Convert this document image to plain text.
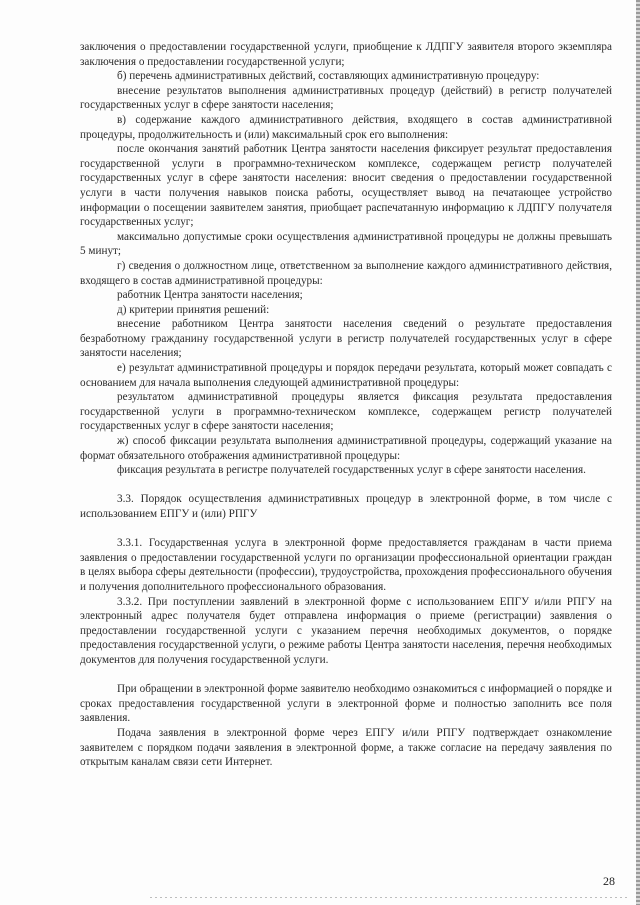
заключения о предоставлении государственной услуги, приобщение к ЛДПГУ заявителя второго экземпляра заключения о предоставлении государственной услуги;

б) перечень административных действий, составляющих административную процедуру:

внесение результатов выполнения административных процедур (действий) в регистр получателей государственных услуг в сфере занятости населения;

в) содержание каждого административного действия, входящего в состав административной процедуры, продолжительность и (или) максимальный срок его выполнения:

после окончания занятий работник Центра занятости населения фиксирует результат предоставления государственной услуги в программно-техническом комплексе, содержащем регистр получателей государственных услуг в сфере занятости населения: вносит сведения о предоставлении государственной услуги в части получения навыков поиска работы, осуществляет вывод на печатающее устройство информации о посещении заявителем занятия, приобщает распечатанную информацию к ЛДПГУ получателя государственных услуг;

максимально допустимые сроки осуществления административной процедуры не должны превышать 5 минут;

г) сведения о должностном лице, ответственном за выполнение каждого административного действия, входящего в состав административной процедуры:

работник Центра занятости населения;

д) критерии принятия решений:

внесение работником Центра занятости населения сведений о результате предоставления безработному гражданину государственной услуги в регистр получателей государственных услуг в сфере занятости населения;

е) результат административной процедуры и порядок передачи результата, который может совпадать с основанием для начала выполнения следующей административной процедуры:

результатом административной процедуры является фиксация результата предоставления государственной услуги в программно-техническом комплексе, содержащем регистр получателей государственных услуг в сфере занятости населения;

ж) способ фиксации результата выполнения административной процедуры, содержащий указание на формат обязательного отображения административной процедуры:

фиксация результата в регистре получателей государственных услуг в сфере занятости населения.

3.3. Порядок осуществления административных процедур в электронной форме, в том числе с использованием ЕПГУ и (или) РПГУ

3.3.1. Государственная услуга в электронной форме предоставляется гражданам в части приема заявления о предоставлении государственной услуги по организации профессиональной ориентации граждан в целях выбора сферы деятельности (профессии), трудоустройства, прохождения профессионального обучения и получения дополнительного профессионального образования.

3.3.2. При поступлении заявлений в электронной форме с использованием ЕПГУ и/или РПГУ на электронный адрес получателя будет отправлена информация о приеме (регистрации) заявления о предоставлении государственной услуги с указанием перечня необходимых документов, о порядке предоставления государственной услуги, о режиме работы Центра занятости населения, перечня необходимых документов для получения государственной услуги.

При обращении в электронной форме заявителю необходимо ознакомиться с информацией о порядке и сроках предоставления государственной услуги в электронной форме и полностью заполнить все поля заявления.

Подача заявления в электронной форме через ЕПГУ и/или РПГУ подтверждает ознакомление заявителем с порядком подачи заявления в электронной форме, а также согласие на передачу заявления по открытым каналам связи сети Интернет.

28
